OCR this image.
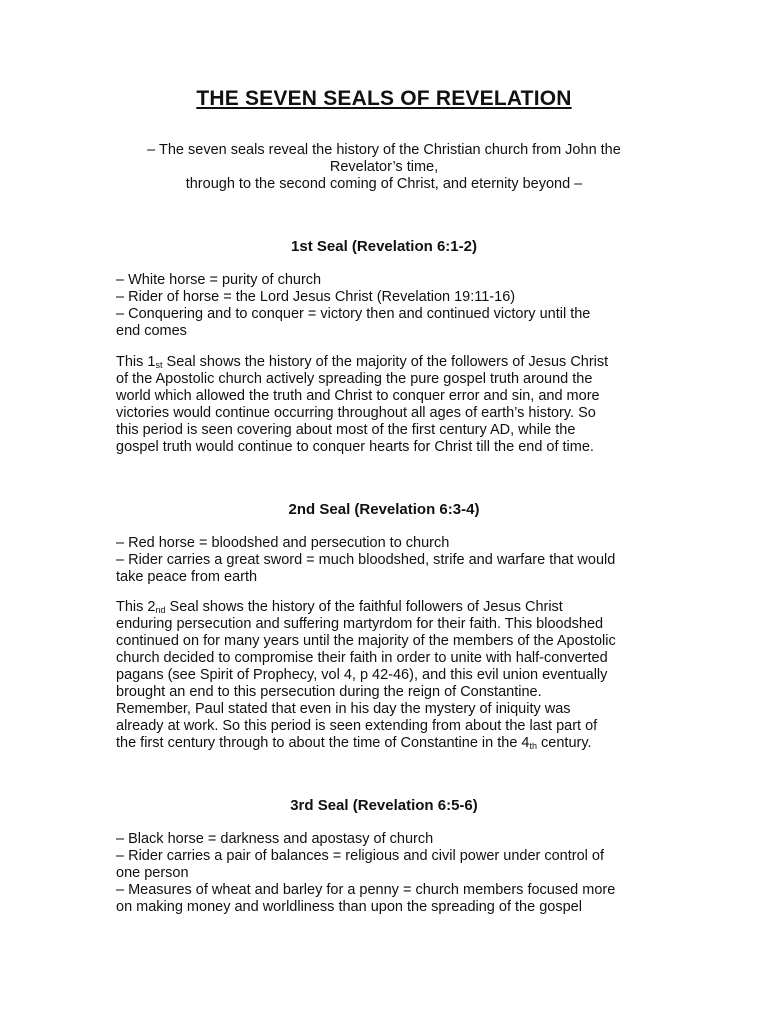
THE SEVEN SEALS OF REVELATION
– The seven seals reveal the history of the Christian church from John the
Revelator’s time,
through to the second coming of Christ, and eternity beyond –
1st Seal (Revelation 6:1-2)
– White horse = purity of church
– Rider of horse = the Lord Jesus Christ (Revelation 19:11-16)
– Conquering and to conquer = victory then and continued victory until the
end comes
This $1_{st}$ Seal shows the history of the majority of the followers of Jesus Christ
of the Apostolic church actively spreading the pure gospel truth around the
world which allowed the truth and Christ to conquer error and sin, and more
victories would continue occurring throughout all ages of earth’s history. So
this period is seen covering about most of the first century AD, while the
gospel truth would continue to conquer hearts for Christ till the end of time.
2nd Seal (Revelation 6:3-4)
– Red horse = bloodshed and persecution to church
– Rider carries a great sword = much bloodshed, strife and warfare that would
take peace from earth
This $2_{nd}$ Seal shows the history of the faithful followers of Jesus Christ
enduring persecution and suffering martyrdom for their faith. This bloodshed
continued on for many years until the majority of the members of the Apostolic
church decided to compromise their faith in order to unite with half-converted
pagans (see Spirit of Prophecy, vol 4, p 42-46), and this evil union eventually
brought an end to this persecution during the reign of Constantine.
Remember, Paul stated that even in his day the mystery of iniquity was
already at work. So this period is seen extending from about the last part of
the first century through to about the time of Constantine in the $4_{th}$ century.
3rd Seal (Revelation 6:5-6)
– Black horse = darkness and apostasy of church
– Rider carries a pair of balances = religious and civil power under control of
one person
– Measures of wheat and barley for a penny = church members focused more
on making money and worldliness than upon the spreading of the gospel
